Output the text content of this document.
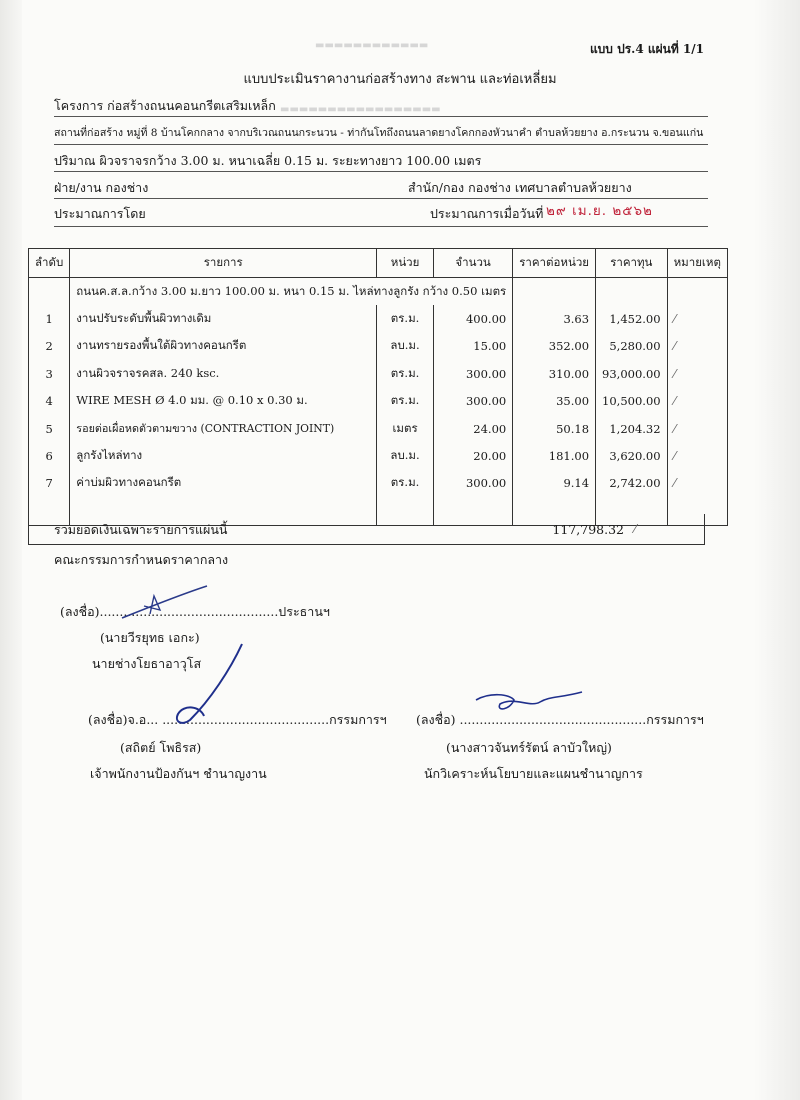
▬▬▬▬▬▬▬▬▬▬▬▬
▬▬▬▬▬▬▬▬▬▬▬▬▬▬▬▬▬
แบบ ปร.4 แผ่นที่ 1/1
แบบประเมินราคางานก่อสร้างทาง สะพาน และท่อเหลี่ยม
โครงการ ก่อสร้างถนนคอนกรีตเสริมเหล็ก
สถานที่ก่อสร้าง หมู่ที่ 8 บ้านโคกกลาง จากบริเวณถนนกระนวน - ท่ากันโทถึงถนนลาดยางโคกกองหัวนาคำ ตำบลห้วยยาง อ.กระนวน จ.ขอนแก่น
ปริมาณ ผิวจราจรกว้าง 3.00 ม. หนาเฉลี่ย 0.15 ม. ระยะทางยาว 100.00 เมตร
ฝ่าย/งาน กองช่าง	สำนัก/กอง กองช่าง เทศบาลตำบลห้วยยาง
ประมาณการโดย	ประมาณการเมื่อวันที่ ๒๙ เม.ย. ๒๕๖๒
ลำดับ	รายการ	หน่วย	จำนวน	ราคาต่อหน่วย	ราคาทุน	หมายเหตุ
	ถนนค.ส.ล.กว้าง 3.00 ม.ยาว 100.00 ม. หนา 0.15 ม. ไหล่ทางลูกรัง กว้าง 0.50 เมตร					
1	งานปรับระดับพื้นผิวทางเดิม	ตร.ม.	400.00	3.63	1,452.00	⁄
2	งานทรายรองพื้นใต้ผิวทางคอนกรีต	ลบ.ม.	15.00	352.00	5,280.00	⁄
3	งานผิวจราจรคสล. 240 ksc.	ตร.ม.	300.00	310.00	93,000.00	⁄
4	WIRE MESH Ø 4.0 มม. @ 0.10 x 0.30 ม.	ตร.ม.	300.00	35.00	10,500.00	⁄
5	รอยต่อเผื่อหดตัวตามขวาง (CONTRACTION JOINT)	เมตร	24.00	50.18	1,204.32	⁄
6	ลูกรังไหล่ทาง	ลบ.ม.	20.00	181.00	3,620.00	⁄
7	ค่าบ่มผิวทางคอนกรีต	ตร.ม.	300.00	9.14	2,742.00	⁄

รวมยอดเงินเฉพาะรายการแผ่นนี้	117,798.32 ⁄
คณะกรรมการกำหนดราคากลาง
(ลงชื่อ).............................................ประธานฯ
(นายวีรยุทธ เอกะ)
นายช่างโยธาอาวุโส
(ลงชื่อ)จ.อ... ..........................................กรรมการฯ
(สถิตย์ โพธิรส)
เจ้าพนักงานป้องกันฯ ชำนาญงาน
(ลงชื่อ) ...............................................กรรมการฯ
(นางสาวจันทร์รัตน์ ลาบัวใหญ่)
นักวิเคราะห์นโยบายและแผนชำนาญการ
